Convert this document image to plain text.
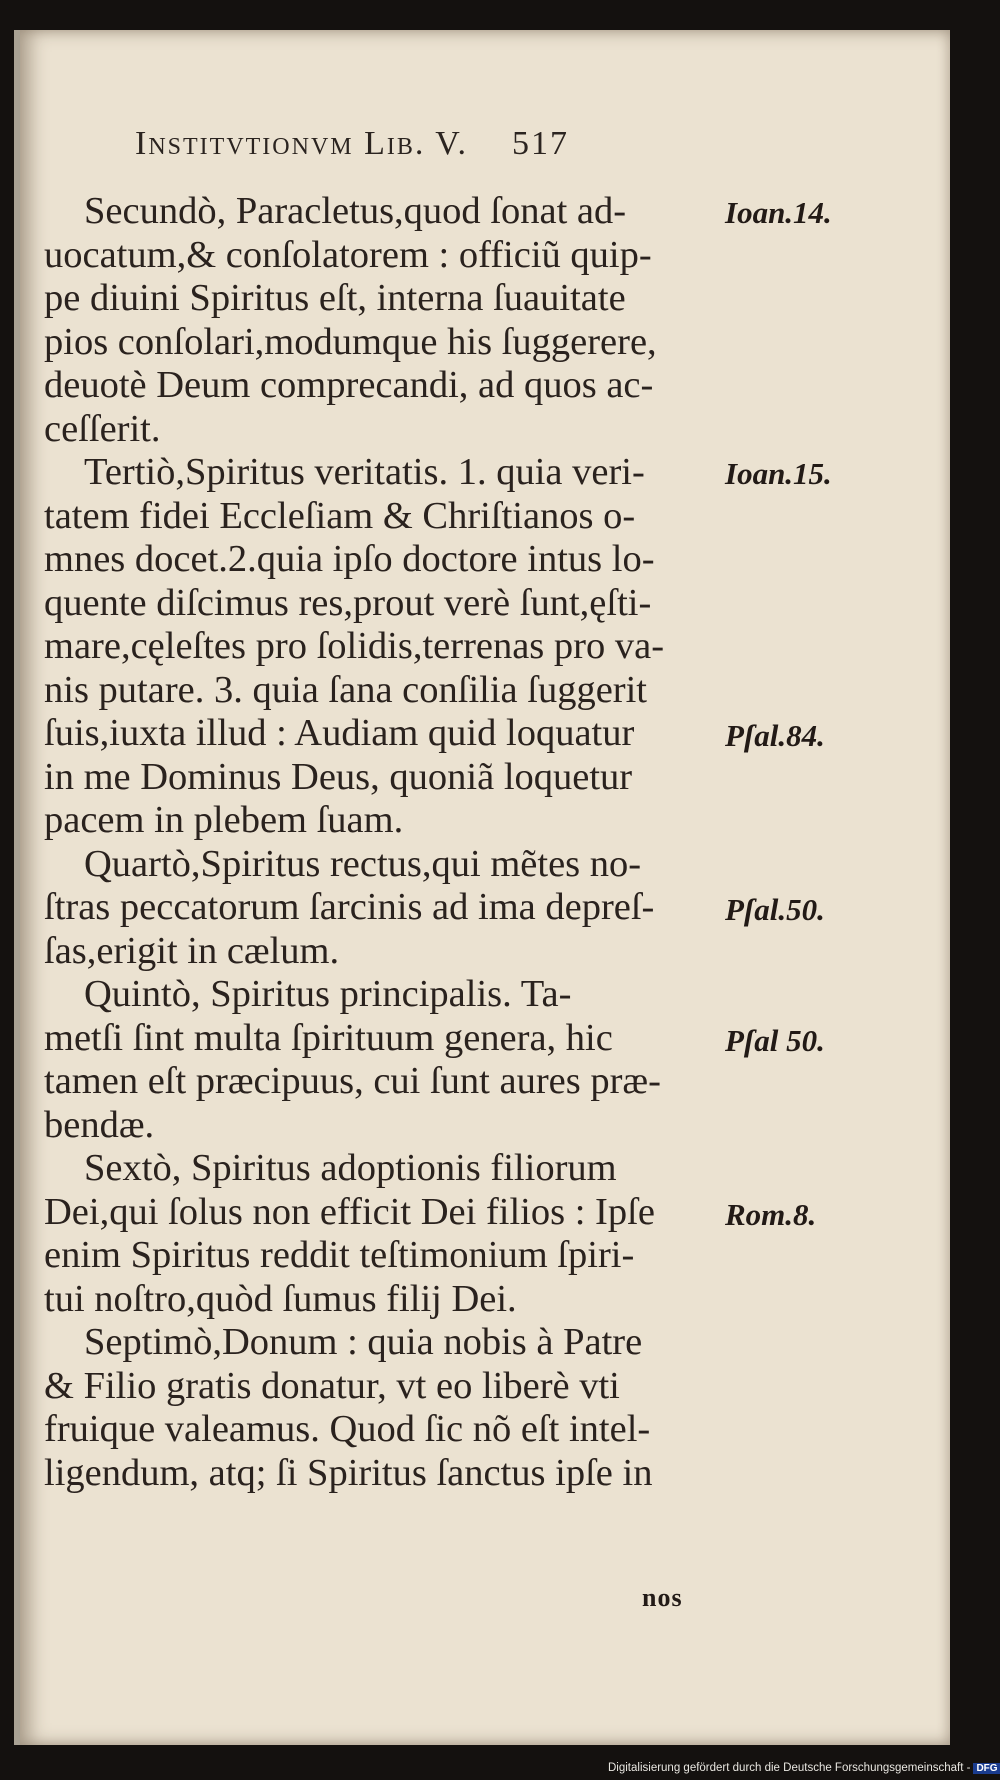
Institvtionvm Lib. V. 517
Secundò, Paracletus,quod ſonat ad-
uocatum,& conſolatorem : officiũ quip-
pe diuini Spiritus eſt, interna ſuauitate
pios conſolari,modumque his ſuggerere,
deuotè Deum comprecandi, ad quos ac-
ceſſerit.
Tertiò,Spiritus veritatis. 1. quia veri-
tatem fidei Eccleſiam & Chriſtianos o-
mnes docet.2.quia ipſo doctore intus lo-
quente diſcimus res,prout verè ſunt,ęſti-
mare,cęleſtes pro ſolidis,terrenas pro va-
nis putare. 3. quia ſana conſilia ſuggerit
ſuis,iuxta illud : Audiam quid loquatur
in me Dominus Deus, quoniã loquetur
pacem in plebem ſuam.
Quartò,Spiritus rectus,qui mẽtes no-
ſtras peccatorum ſarcinis ad ima depreſ-
ſas,erigit in cælum.
Quintò, Spiritus principalis. Ta-
metſi ſint multa ſpirituum genera, hic
tamen eſt præcipuus, cui ſunt aures præ-
bendæ.
Sextò, Spiritus adoptionis filiorum
Dei,qui ſolus non efficit Dei filios : Ipſe
enim Spiritus reddit teſtimonium ſpiri-
tui noſtro,quòd ſumus filij Dei.
Septimò,Donum : quia nobis à Patre
& Filio gratis donatur, vt eo liberè vti
fruique valeamus. Quod ſic nõ eſt intel-
ligendum, atq; ſi Spiritus ſanctus ipſe in
Ioan.14.
Ioan.15.
Pſal.84.
Pſal.50.
Pſal 50.
Rom.8.
nos
Digitalisierung gefördert durch die Deutsche Forschungsgemeinschaft - DFG
